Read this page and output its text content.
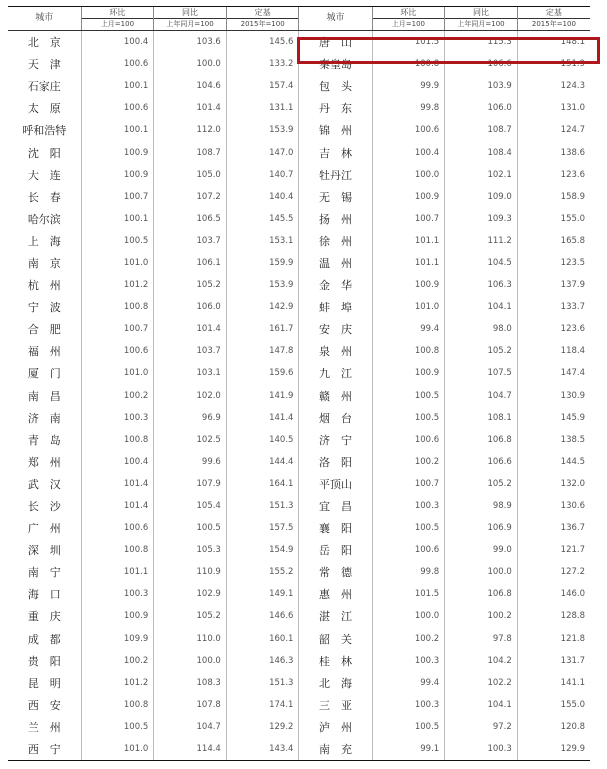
城市	环比	同比	定基	城市	环比	同比	定基
	上月=100	上年同月=100	2015年=100		上月=100	上年同月=100	2015年=100
北　京	100.4	103.6	145.6	唐　山	101.5	115.3	148.1
天　津	100.6	100.0	133.2	秦皇岛	100.8	106.6	151.9
石家庄	100.1	104.6	157.4	包　头	99.9	103.9	124.3
太　原	100.6	101.4	131.1	丹　东	99.8	106.0	131.0
呼和浩特	100.1	112.0	153.9	锦　州	100.6	108.7	124.7
沈　阳	100.9	108.7	147.0	吉　林	100.4	108.4	138.6
大　连	100.9	105.0	140.7	牡丹江	100.0	102.1	123.6
长　春	100.7	107.2	140.4	无　锡	100.9	109.0	158.9
哈尔滨	100.1	106.5	145.5	扬　州	100.7	109.3	155.0
上　海	100.5	103.7	153.1	徐　州	101.1	111.2	165.8
南　京	101.0	106.1	159.9	温　州	101.1	104.5	123.5
杭　州	101.2	105.2	153.9	金　华	100.9	106.3	137.9
宁　波	100.8	106.0	142.9	蚌　埠	101.0	104.1	133.7
合　肥	100.7	101.4	161.7	安　庆	99.4	98.0	123.6
福　州	100.6	103.7	147.8	泉　州	100.8	105.2	118.4
厦　门	101.0	103.1	159.6	九　江	100.9	107.5	147.4
南　昌	100.2	102.0	141.9	赣　州	100.5	104.7	130.9
济　南	100.3	96.9	141.4	烟　台	100.5	108.1	145.9
青　岛	100.8	102.5	140.5	济　宁	100.6	106.8	138.5
郑　州	100.4	99.6	144.4	洛　阳	100.2	106.6	144.5
武　汉	101.4	107.9	164.1	平顶山	100.7	105.2	132.0
长　沙	101.4	105.4	151.3	宜　昌	100.3	98.9	130.6
广　州	100.6	100.5	157.5	襄　阳	100.5	106.9	136.7
深　圳	100.8	105.3	154.9	岳　阳	100.6	99.0	121.7
南　宁	101.1	110.9	155.2	常　德	99.8	100.0	127.2
海　口	100.3	102.9	149.1	惠　州	101.5	106.8	146.0
重　庆	100.9	105.2	146.6	湛　江	100.0	100.2	128.8
成　都	109.9	110.0	160.1	韶　关	100.2	97.8	121.8
贵　阳	100.2	100.0	146.3	桂　林	100.3	104.2	131.7
昆　明	101.2	108.3	151.3	北　海	99.4	102.2	141.1
西　安	100.8	107.8	174.1	三　亚	100.3	104.1	155.0
兰　州	100.5	104.7	129.2	泸　州	100.5	97.2	120.8
西　宁	101.0	114.4	143.4	南　充	99.1	100.3	129.9
